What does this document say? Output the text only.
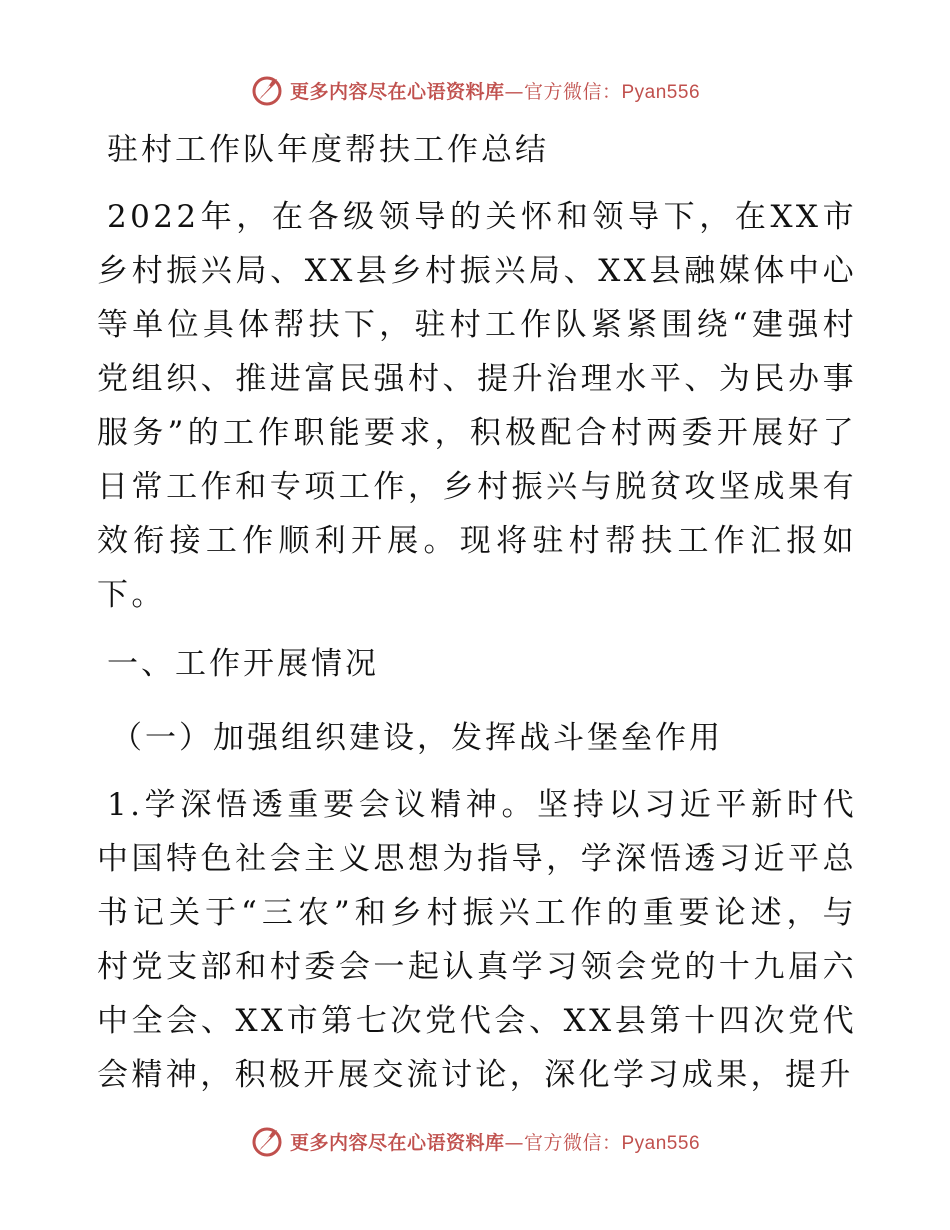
更多内容尽在心语资料库—官方微信：Pyan556
驻村工作队年度帮扶工作总结

2022年，在各级领导的关怀和领导下，在XX市乡村振兴局、XX县乡村振兴局、XX县融媒体中心等单位具体帮扶下，驻村工作队紧紧围绕“建强村党组织、推进富民强村、提升治理水平、为民办事服务”的工作职能要求，积极配合村两委开展好了日常工作和专项工作，乡村振兴与脱贫攻坚成果有效衔接工作顺利开展。现将驻村帮扶工作汇报如下。

一、工作开展情况
（一）加强组织建设，发挥战斗堡垒作用

1.学深悟透重要会议精神。坚持以习近平新时代中国特色社会主义思想为指导，学深悟透习近平总书记关于“三农”和乡村振兴工作的重要论述，与村党支部和村委会一起认真学习领会党的十九届六中全会、XX市第七次党代会、XX县第十四次党代会精神，积极开展交流讨论，深化学习成果，提升

更多内容尽在心语资料库—官方微信：Pyan556
